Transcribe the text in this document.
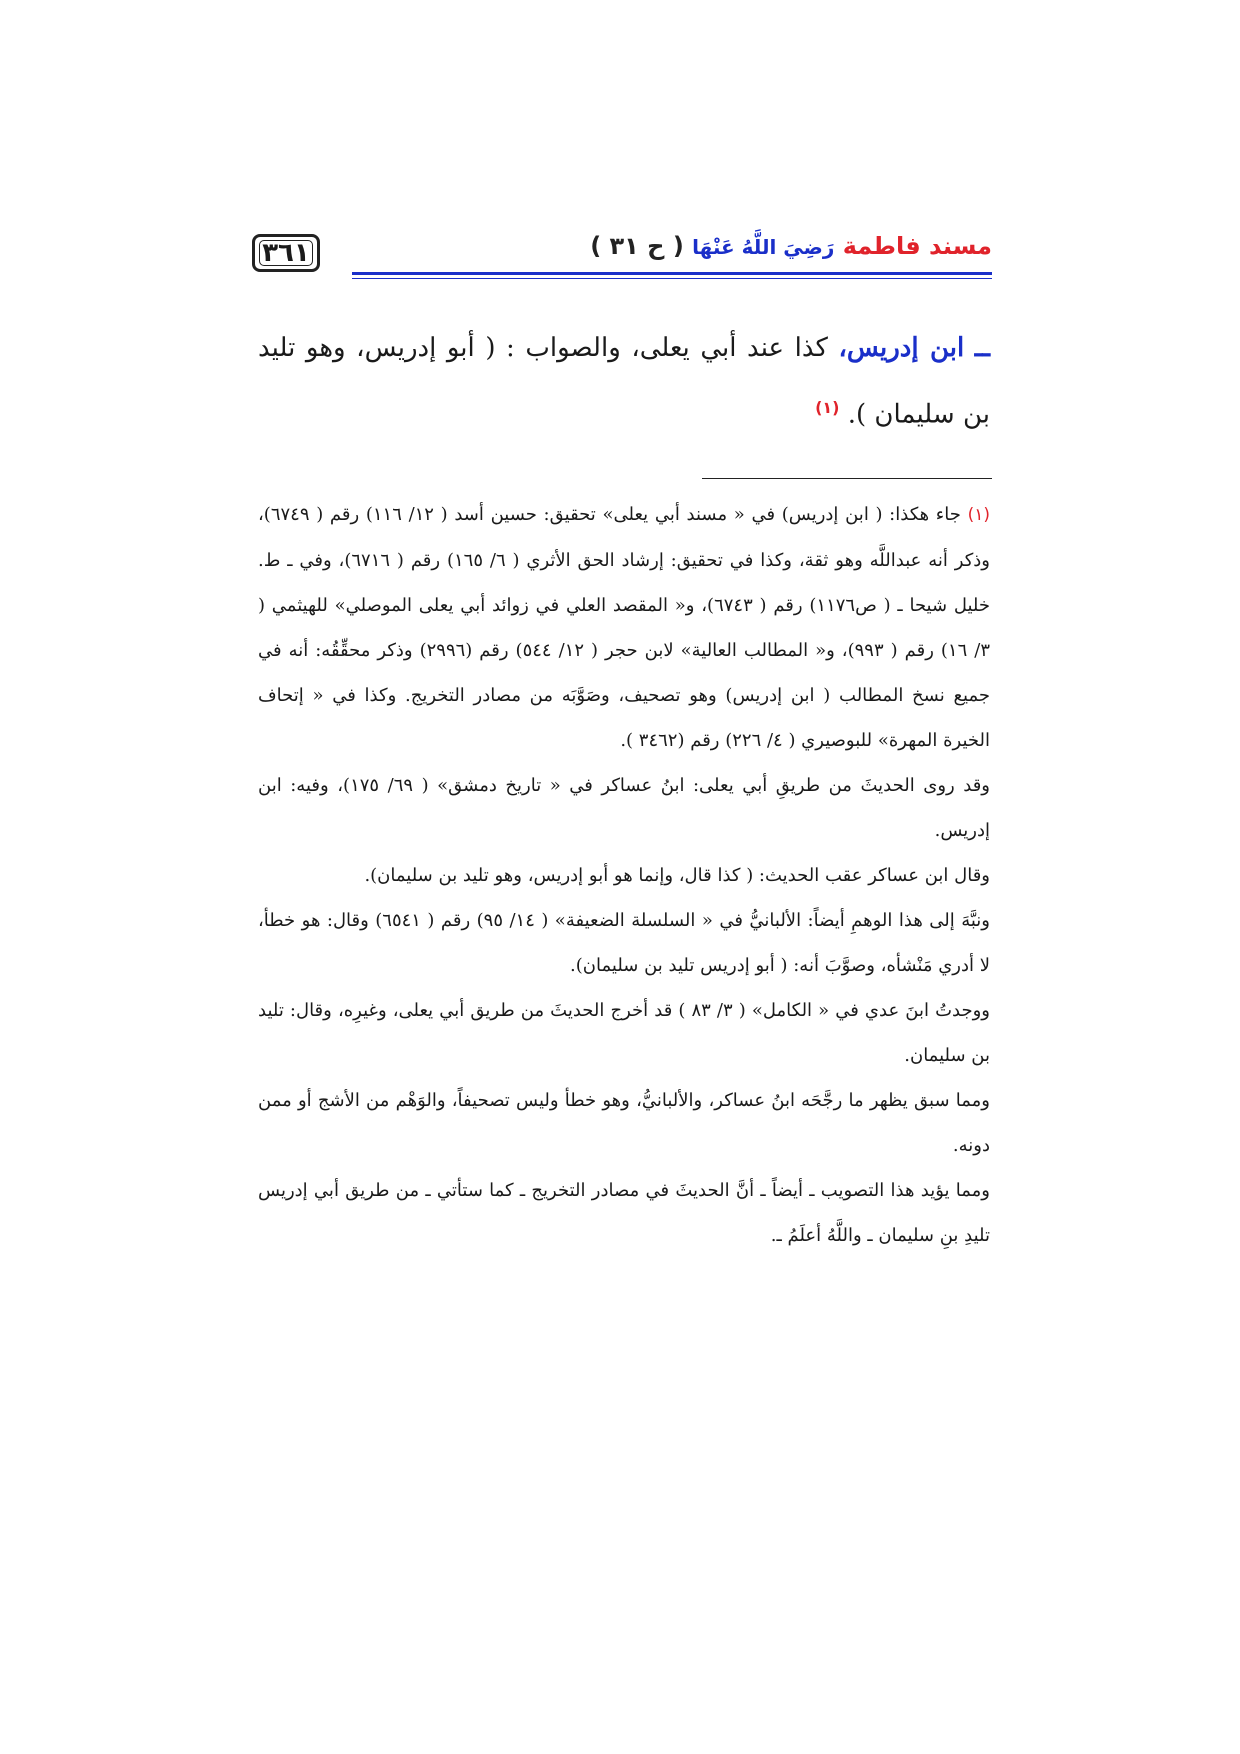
٣٦١	مسند فاطمة رَضِيَ اللَّهُ عَنْهَا ( ح ٣١ )
ــ ابن إدريس، كذا عند أبي يعلى، والصواب : ( أبو إدريس، وهو تليد بن سليمان ). $^{(١)}$

(١) جاء هكذا: ( ابن إدريس) في « مسند أبي يعلى» تحقيق: حسين أسد ( ١٢/ ١١٦) رقم ( ٦٧٤٩)، وذكر أنه عبداللَّه وهو ثقة، وكذا في تحقيق: إرشاد الحق الأثري ( ٦/ ١٦٥) رقم ( ٦٧١٦)، وفي ـ ط. خليل شيحا ـ ( ص١١٧٦) رقم ( ٦٧٤٣)، و« المقصد العلي في زوائد أبي يعلى الموصلي» للهيثمي ( ٣/ ١٦) رقم ( ٩٩٣)، و« المطالب العالية» لابن حجر ( ١٢/ ٥٤٤) رقم (٢٩٩٦) وذكر محقِّقُه: أنه في جميع نسخ المطالب ( ابن إدريس) وهو تصحيف، وصَوَّبَه من مصادر التخريج. وكذا في « إتحاف الخيرة المهرة» للبوصيري ( ٤/ ٢٢٦) رقم (٣٤٦٢ ).

وقد روى الحديثَ من طريقِ أبي يعلى: ابنُ عساكر في « تاريخ دمشق» ( ٦٩/ ١٧٥)، وفيه: ابن إدريس.

وقال ابن عساكر عقب الحديث: ( كذا قال، وإنما هو أبو إدريس، وهو تليد بن سليمان).

ونبَّهَ إلى هذا الوهمِ أيضاً: الألبانيُّ في « السلسلة الضعيفة» ( ١٤/ ٩٥) رقم ( ٦٥٤١) وقال: هو خطأ، لا أدري مَنْشأه، وصوَّبَ أنه: ( أبو إدريس تليد بن سليمان).

ووجدتُ ابنَ عدي في « الكامل» ( ٣/ ٨٣ ) قد أخرج الحديثَ من طريق أبي يعلى، وغيرِه، وقال: تليد بن سليمان.

ومما سبق يظهر ما رجَّحَه ابنُ عساكر، والألبانيُّ، وهو خطأ وليس تصحيفاً، والوَهْم من الأشج أو ممن دونه.

ومما يؤيد هذا التصويب ـ أيضاً ـ أنَّ الحديثَ في مصادر التخريج ـ كما ستأتي ـ من طريق أبي إدريس تليدِ بنِ سليمان ـ واللَّهُ أعلَمُ ـ.
